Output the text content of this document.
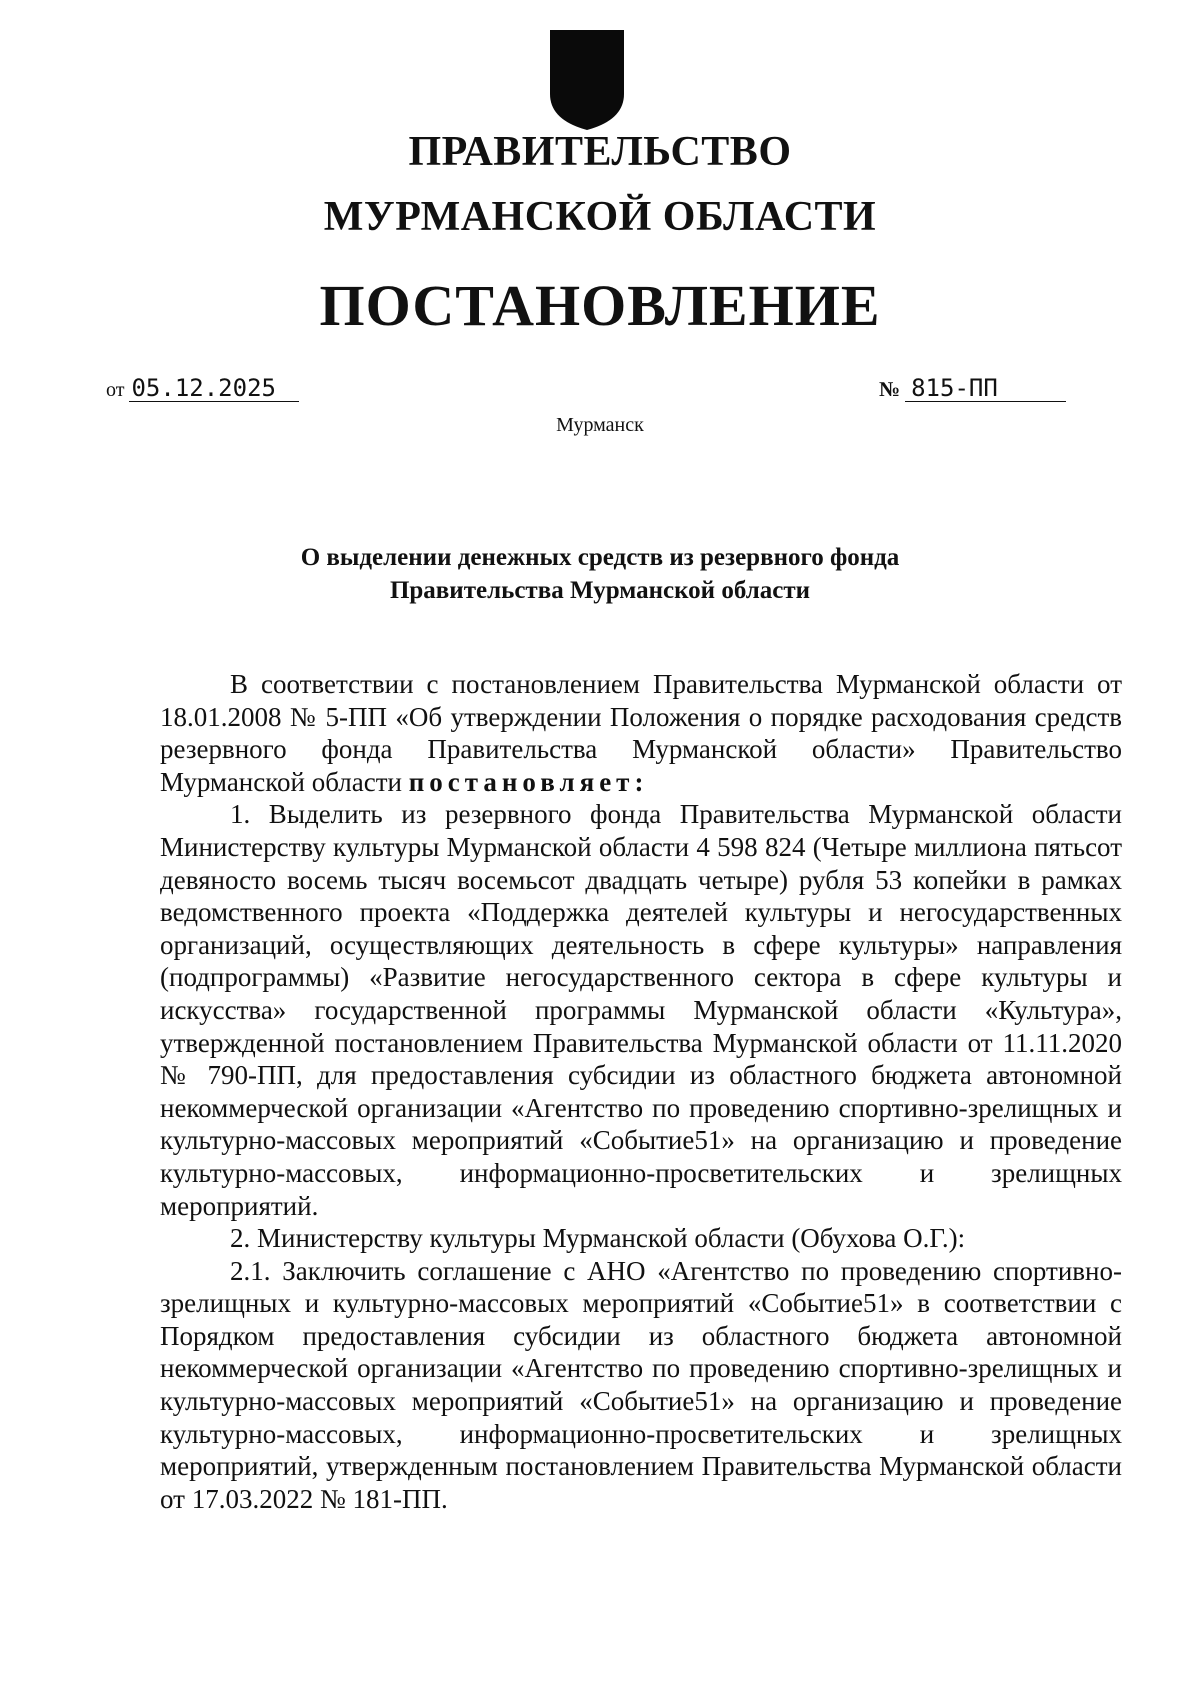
ПРАВИТЕЛЬСТВО
МУРМАНСКОЙ ОБЛАСТИ
ПОСТАНОВЛЕНИЕ
от 05.12.2025	№ 815-ПП
Мурманск
О выделении денежных средств из резервного фонда
Правительства Мурманской области

В соответствии с постановлением Правительства Мурманской области от 18.01.2008 № 5-ПП «Об утверждении Положения о порядке расходования средств резервного фонда Правительства Мурманской области» Правительство Мурманской области постановляет:

1. Выделить из резервного фонда Правительства Мурманской области Министерству культуры Мурманской области 4 598 824 (Четыре миллиона пятьсот девяносто восемь тысяч восемьсот двадцать четыре) рубля 53 копейки в рамках ведомственного проекта «Поддержка деятелей культуры и негосударственных организаций, осуществляющих деятельность в сфере культуры» направления (подпрограммы) «Развитие негосударственного сектора в сфере культуры и искусства» государственной программы Мурманской области «Культура», утвержденной постановлением Правительства Мурманской области от 11.11.2020 № 790-ПП, для предоставления субсидии из областного бюджета автономной некоммерческой организации «Агентство по проведению спортивно-зрелищных и культурно-массовых мероприятий «Событие51» на организацию и проведение культурно-массовых, информационно-просветительских и зрелищных мероприятий.

2. Министерству культуры Мурманской области (Обухова О.Г.):

2.1. Заключить соглашение с АНО «Агентство по проведению спортивно-зрелищных и культурно-массовых мероприятий «Событие51» в соответствии с Порядком предоставления субсидии из областного бюджета автономной некоммерческой организации «Агентство по проведению спортивно-зрелищных и культурно-массовых мероприятий «Событие51» на организацию и проведение культурно-массовых, информационно-просветительских и зрелищных мероприятий, утвержденным постановлением Правительства Мурманской области от 17.03.2022 № 181-ПП.
